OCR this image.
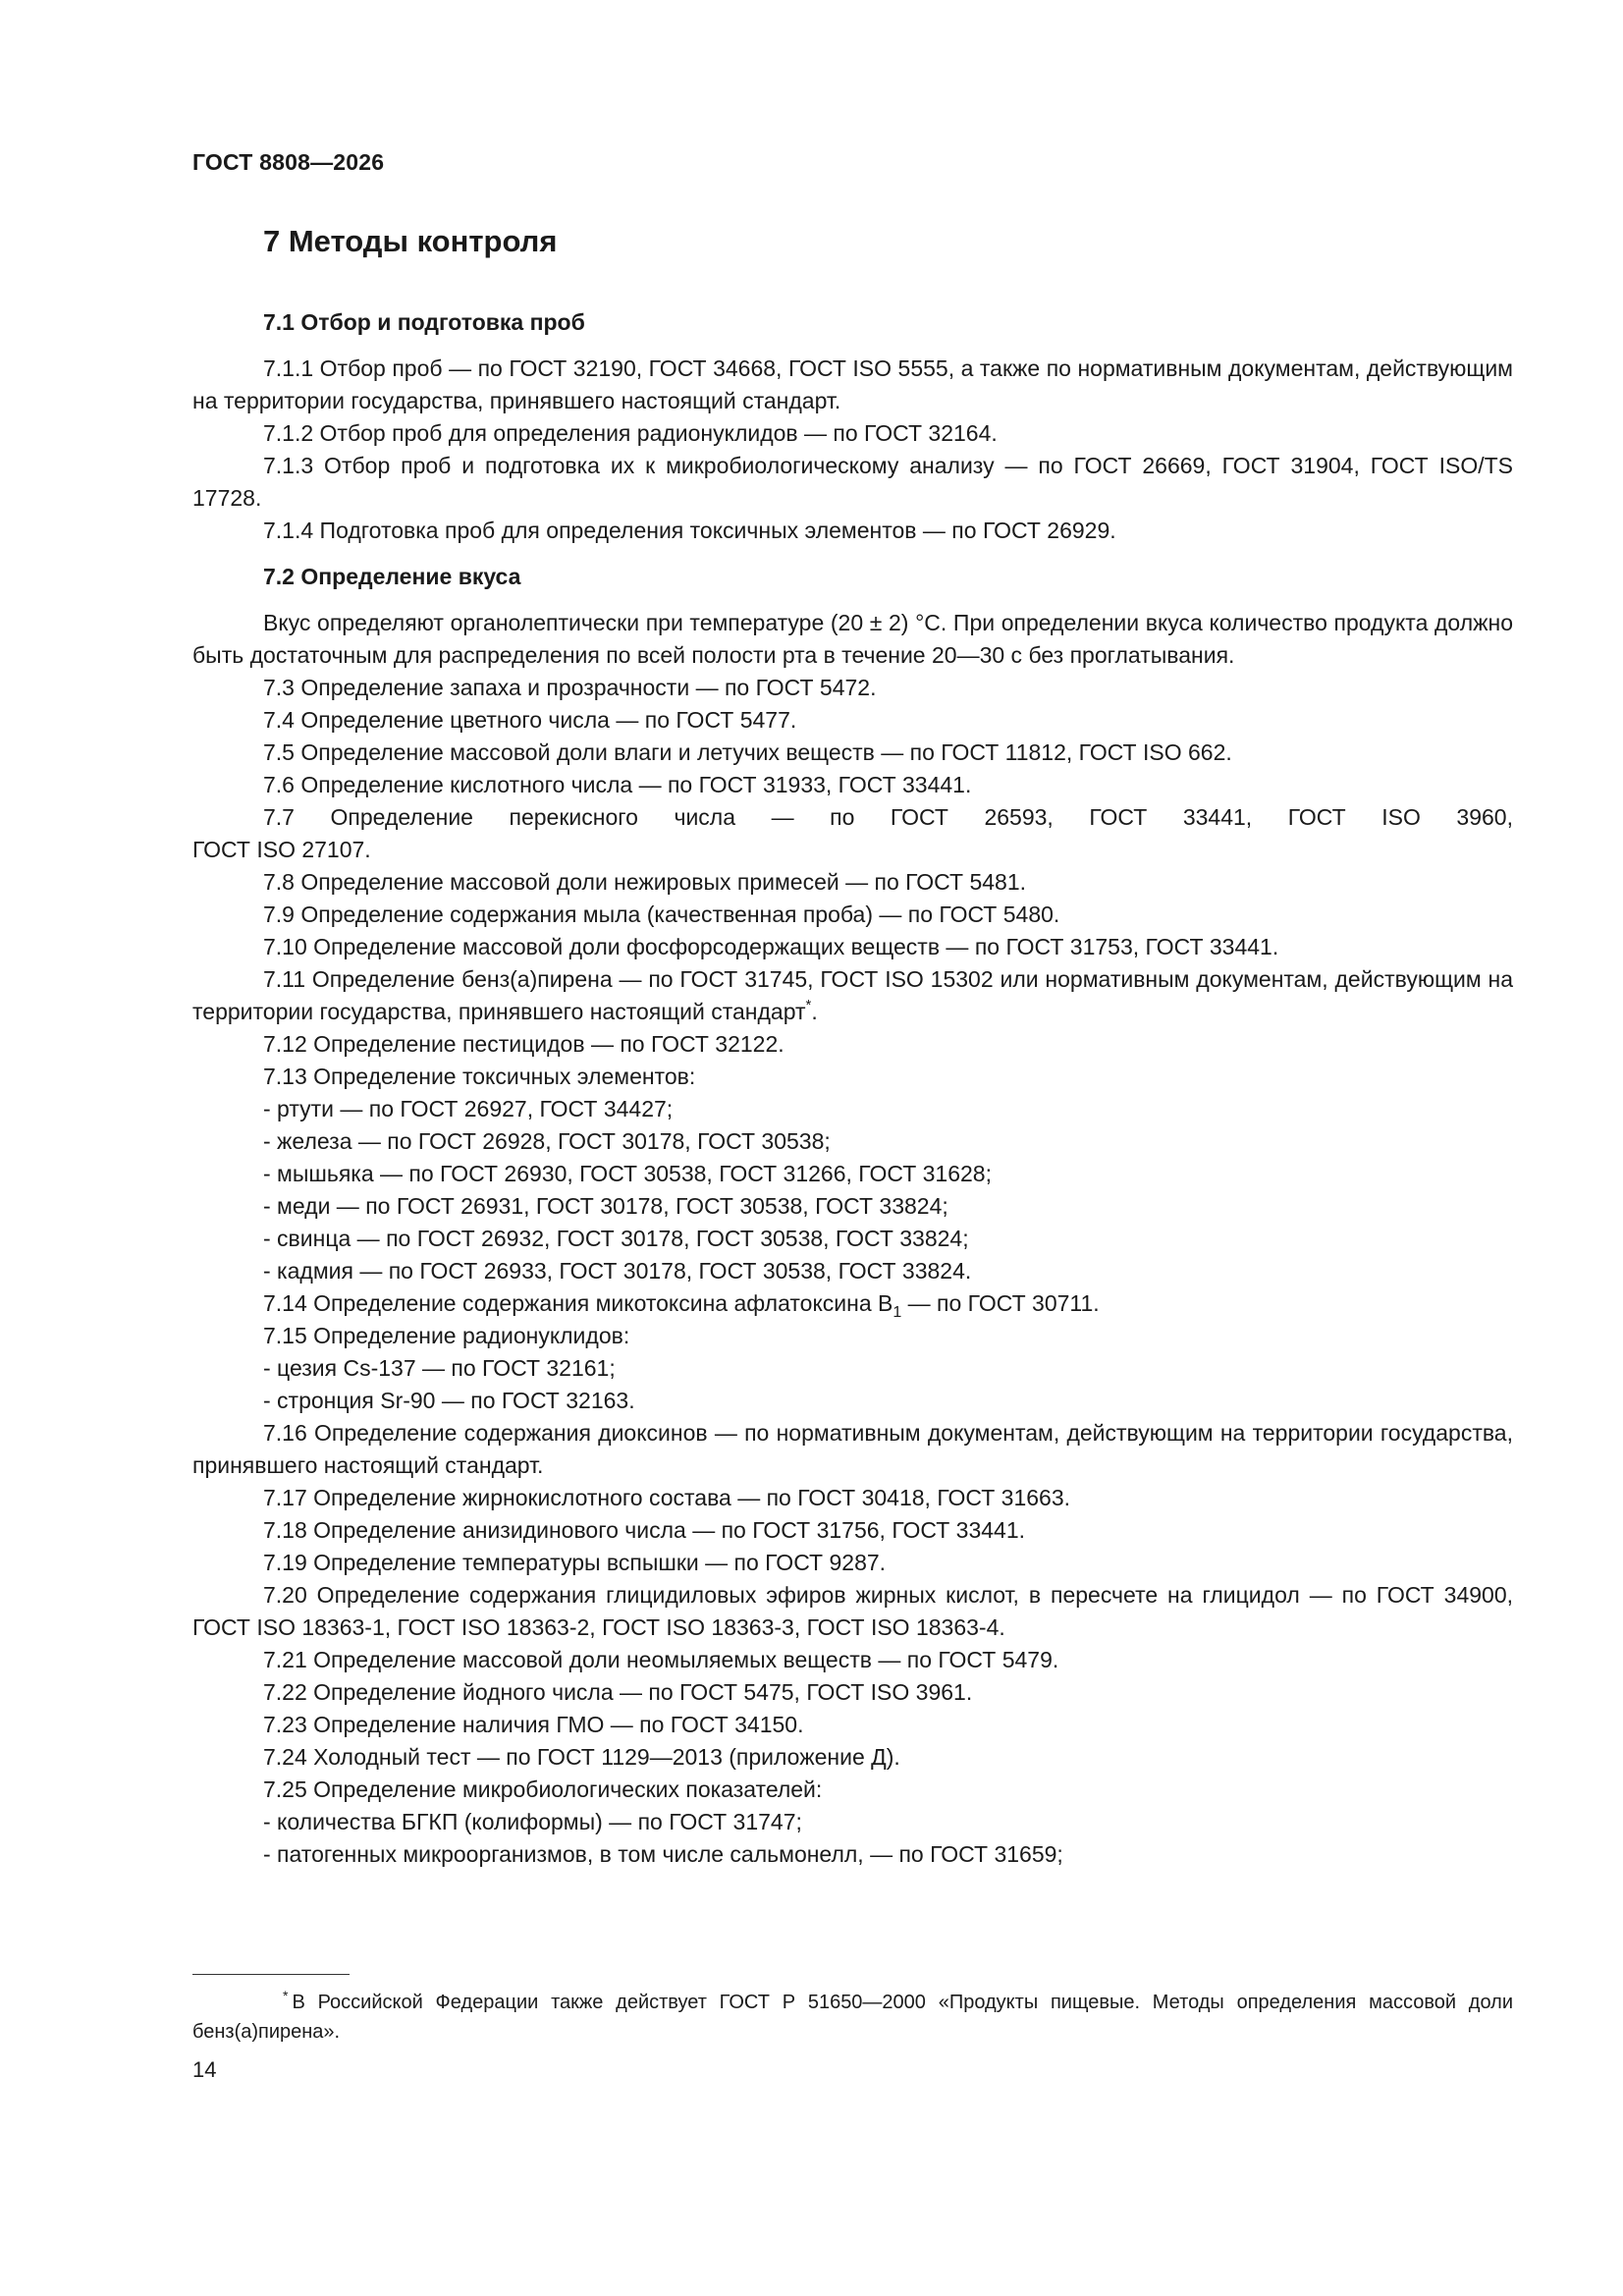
ГОСТ 8808—2026
7 Методы контроля

7.1 Отбор и подготовка проб

7.1.1 Отбор проб — по ГОСТ 32190, ГОСТ 34668, ГОСТ ISO 5555, а также по нормативным документам, действующим на территории государства, принявшего настоящий стандарт.

7.1.2 Отбор проб для определения радионуклидов — по ГОСТ 32164.

7.1.3 Отбор проб и подготовка их к микробиологическому анализу — по ГОСТ 26669, ГОСТ 31904, ГОСТ ISO/TS 17728.

7.1.4 Подготовка проб для определения токсичных элементов — по ГОСТ 26929.

7.2 Определение вкуса

Вкус определяют органолептически при температуре (20 ± 2) °С. При определении вкуса количество продукта должно быть достаточным для распределения по всей полости рта в течение 20—30 с без проглатывания.

7.3 Определение запаха и прозрачности — по ГОСТ 5472.

7.4 Определение цветного числа — по ГОСТ 5477.

7.5 Определение массовой доли влаги и летучих веществ — по ГОСТ 11812, ГОСТ ISO 662.

7.6 Определение кислотного числа — по ГОСТ 31933, ГОСТ 33441.

7.7 Определение перекисного числа — по ГОСТ 26593, ГОСТ 33441, ГОСТ ISO 3960,

ГОСТ ISO 27107.

7.8 Определение массовой доли нежировых примесей — по ГОСТ 5481.

7.9 Определение содержания мыла (качественная проба) — по ГОСТ 5480.

7.10 Определение массовой доли фосфорсодержащих веществ — по ГОСТ 31753, ГОСТ 33441.

7.11 Определение бенз(а)пирена — по ГОСТ 31745, ГОСТ ISO 15302 или нормативным документам, действующим на территории государства, принявшего настоящий стандарт*.

7.12 Определение пестицидов — по ГОСТ 32122.

7.13 Определение токсичных элементов:

- ртути — по ГОСТ 26927, ГОСТ 34427;

- железа — по ГОСТ 26928, ГОСТ 30178, ГОСТ 30538;

- мышьяка — по ГОСТ 26930, ГОСТ 30538, ГОСТ 31266, ГОСТ 31628;

- меди — по ГОСТ 26931, ГОСТ 30178, ГОСТ 30538, ГОСТ 33824;

- свинца — по ГОСТ 26932, ГОСТ 30178, ГОСТ 30538, ГОСТ 33824;

- кадмия — по ГОСТ 26933, ГОСТ 30178, ГОСТ 30538, ГОСТ 33824.

7.14 Определение содержания микотоксина афлатоксина $В_1$ — по ГОСТ 30711.

7.15 Определение радионуклидов:

- цезия Cs-137 — по ГОСТ 32161;

- стронция Sr-90 — по ГОСТ 32163.

7.16 Определение содержания диоксинов — по нормативным документам, действующим на территории государства, принявшего настоящий стандарт.

7.17 Определение жирнокислотного состава — по ГОСТ 30418, ГОСТ 31663.

7.18 Определение анизидинового числа — по ГОСТ 31756, ГОСТ 33441.

7.19 Определение температуры вспышки — по ГОСТ 9287.

7.20 Определение содержания глицидиловых эфиров жирных кислот, в пересчете на глицидол — по ГОСТ 34900, ГОСТ ISO 18363-1, ГОСТ ISO 18363-2, ГОСТ ISO 18363-3, ГОСТ ISO 18363-4.

7.21 Определение массовой доли неомыляемых веществ — по ГОСТ 5479.

7.22 Определение йодного числа — по ГОСТ 5475, ГОСТ ISO 3961.

7.23 Определение наличия ГМО — по ГОСТ 34150.

7.24 Холодный тест — по ГОСТ 1129—2013 (приложение Д).

7.25 Определение микробиологических показателей:

- количества БГКП (колиформы) — по ГОСТ 31747;

- патогенных микроорганизмов, в том числе сальмонелл, — по ГОСТ 31659;

* В Российской Федерации также действует ГОСТ Р 51650—2000 «Продукты пищевые. Методы определения массовой доли бенз(а)пирена».
14
